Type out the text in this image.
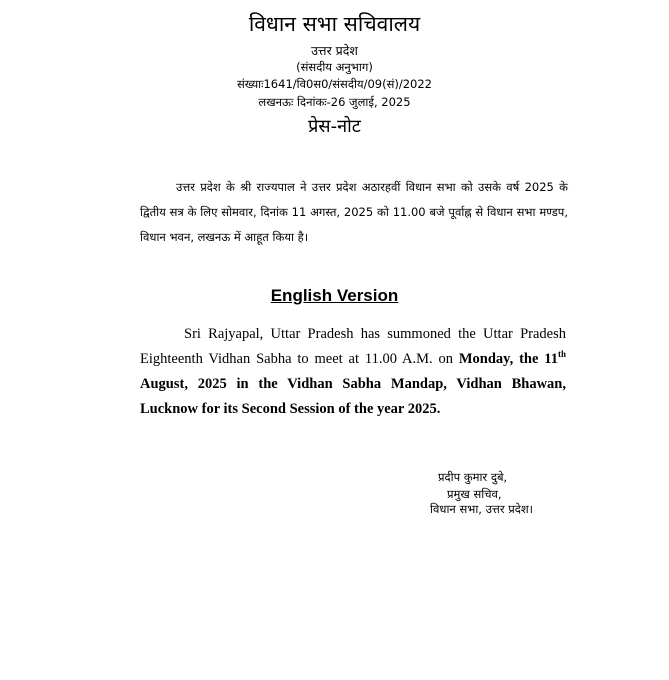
विधान सभा सचिवालय
उत्तर प्रदेश
(संसदीय अनुभाग)
संख्याः1641/वि0स0/संसदीय/09(सं)/2022
लखनऊः दिनांकः-26 जुलाई, 2025
प्रेस-नोट
उत्तर प्रदेश के श्री राज्यपाल ने उत्तर प्रदेश अठारहवीं विधान सभा को उसके वर्ष 2025 के द्वितीय सत्र के लिए सोमवार, दिनांक 11 अगस्त, 2025 को 11.00 बजे पूर्वाह्न से विधान सभा मण्डप, विधान भवन, लखनऊ में आहूत किया है।
English Version
Sri Rajyapal, Uttar Pradesh has summoned the Uttar Pradesh Eighteenth Vidhan Sabha to meet at 11.00 A.M. on Monday, the 11th August, 2025 in the Vidhan Sabha Mandap, Vidhan Bhawan, Lucknow for its Second Session of the year 2025.
प्रदीप कुमार दुबे,
प्रमुख सचिव,
विधान सभा, उत्तर प्रदेश।
